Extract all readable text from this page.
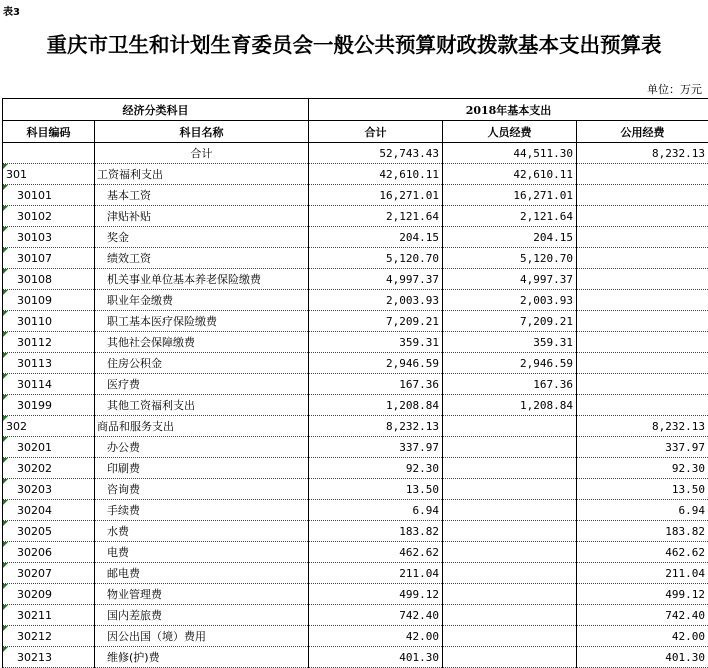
表3
重庆市卫生和计划生育委员会一般公共预算财政拨款基本支出预算表
单位：万元
经济分类科目		2018年基本支出		
科目编码	科目名称	合计	人员经费	公用经费
	合计	52,743.43	44,511.30	8,232.13
301	工资福利支出	42,610.11	42,610.11	
30101	基本工资	16,271.01	16,271.01	
30102	津贴补贴	2,121.64	2,121.64	
30103	奖金	204.15	204.15	
30107	绩效工资	5,120.70	5,120.70	
30108	机关事业单位基本养老保险缴费	4,997.37	4,997.37	
30109	职业年金缴费	2,003.93	2,003.93	
30110	职工基本医疗保险缴费	7,209.21	7,209.21	
30112	其他社会保障缴费	359.31	359.31	
30113	住房公积金	2,946.59	2,946.59	
30114	医疗费	167.36	167.36	
30199	其他工资福利支出	1,208.84	1,208.84	
302	商品和服务支出	8,232.13		8,232.13
30201	办公费	337.97		337.97
30202	印刷费	92.30		92.30
30203	咨询费	13.50		13.50
30204	手续费	6.94		6.94
30205	水费	183.82		183.82
30206	电费	462.62		462.62
30207	邮电费	211.04		211.04
30209	物业管理费	499.12		499.12
30211	国内差旅费	742.40		742.40
30212	因公出国（境）费用	42.00		42.00
30213	维修(护)费	401.30		401.30
